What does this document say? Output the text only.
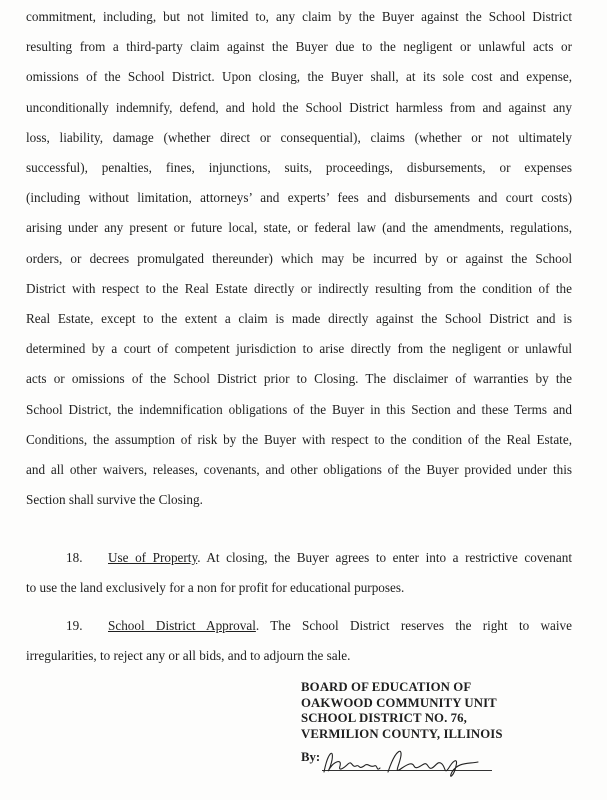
commitment, including, but not limited to, any claim by the Buyer against the School District
resulting from a third-party claim against the Buyer due to the negligent or unlawful acts or
omissions of the School District. Upon closing, the Buyer shall, at its sole cost and expense,
unconditionally indemnify, defend, and hold the School District harmless from and against any
loss, liability, damage (whether direct or consequential), claims (whether or not ultimately
successful), penalties, fines, injunctions, suits, proceedings, disbursements, or expenses
(including without limitation, attorneys’ and experts’ fees and disbursements and court costs)
arising under any present or future local, state, or federal law (and the amendments, regulations,
orders, or decrees promulgated thereunder) which may be incurred by or against the School
District with respect to the Real Estate directly or indirectly resulting from the condition of the
Real Estate, except to the extent a claim is made directly against the School District and is
determined by a court of competent jurisdiction to arise directly from the negligent or unlawful
acts or omissions of the School District prior to Closing. The disclaimer of warranties by the
School District, the indemnification obligations of the Buyer in this Section and these Terms and
Conditions, the assumption of risk by the Buyer with respect to the condition of the Real Estate,
and all other waivers, releases, covenants, and other obligations of the Buyer provided under this
Section shall survive the Closing.
18. Use of Property. At closing, the Buyer agrees to enter into a restrictive covenant
to use the land exclusively for a non for profit for educational purposes.
19. School District Approval. The School District reserves the right to waive
irregularities, to reject any or all bids, and to adjourn the sale.
BOARD OF EDUCATION OF
OAKWOOD COMMUNITY UNIT
SCHOOL DISTRICT NO. 76,
VERMILION COUNTY, ILLINOIS
By:
